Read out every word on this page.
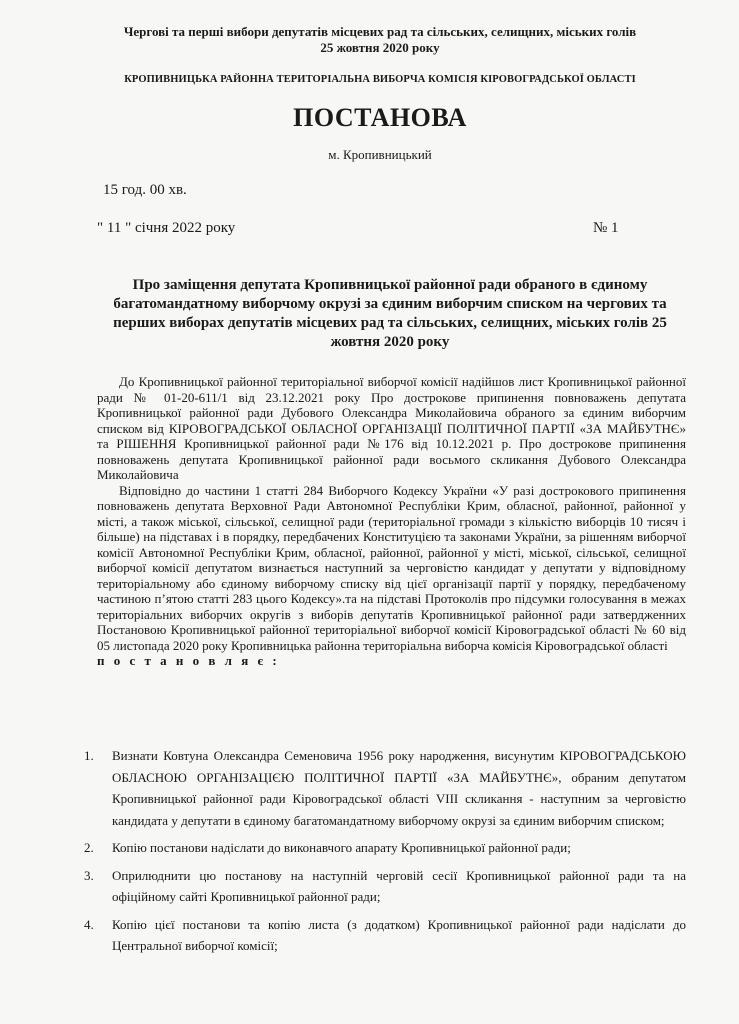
Чергові та перші вибори депутатів місцевих рад та сільських, селищних, міських голів
25 жовтня 2020 року
КРОПИВНИЦЬКА РАЙОННА ТЕРИТОРІАЛЬНА ВИБОРЧА КОМІСІЯ КІРОВОГРАДСЬКОЇ ОБЛАСТІ
ПОСТАНОВА
м. Кропивницький
15 год. 00 хв.
" 11 " січня 2022 року	№ 1
Про заміщення депутата Кропивницької районної ради обраного в єдиному багатомандатному виборчому окрузі за єдиним виборчим списком на чергових та перших виборах депутатів місцевих рад та сільських, селищних, міських голів 25 жовтня 2020 року

До Кропивницької районної територіальної виборчої комісії надійшов лист Кропивницької районної ради № 01-20-611/1 від 23.12.2021 року Про дострокове припинення повноважень депутата Кропивницької районної ради Дубового Олександра Миколайовича обраного за єдиним виборчим списком від КІРОВОГРАДСЬКОЇ ОБЛАСНОЇ ОРГАНІЗАЦІЇ ПОЛІТИЧНОЇ ПАРТІЇ «ЗА МАЙБУТНЄ» та РІШЕННЯ Кропивницької районної ради №176 від 10.12.2021 р. Про дострокове припинення повноважень депутата Кропивницької районної ради восьмого скликання Дубового Олександра Миколайовича

Відповідно до частини 1 статті 284 Виборчого Кодексу України «У разі дострокового припинення повноважень депутата Верховної Ради Автономної Республіки Крим, обласної, районної, районної у місті, а також міської, сільської, селищної ради (територіальної громади з кількістю виборців 10 тисяч і більше) на підставах і в порядку, передбачених Конституцією та законами України, за рішенням виборчої комісії Автономної Республіки Крим, обласної, районної, районної у місті, міської, сільської, селищної виборчої комісії депутатом визнається наступний за черговістю кандидат у депутати у відповідному територіальному або єдиному виборчому списку від цієї організації партії у порядку, передбаченому частиною п’ятою статті 283 цього Кодексу».та на підставі Протоколів про підсумки голосування в межах територіальних виборчих округів з виборів депутатів Кропивницької районної ради затвердженних Постановою Кропивницької районної територіальної виборчої комісії Кіровоградської області № 60 від 05 листопада 2020 року Кропивницька районна територіальна виборча комісія Кіровоградської області

п о с т а н о в л я є :
1. Визнати Ковтуна Олександра Семеновича 1956 року народження, висунутим КІРОВОГРАДСЬКОЮ ОБЛАСНОЮ ОРГАНІЗАЦІЄЮ ПОЛІТИЧНОЇ ПАРТІЇ «ЗА МАЙБУТНЄ», обраним депутатом Кропивницької районної ради Кіровоградської області VIII скликання - наступним за черговістю кандидата у депутати в єдиному багатомандатному виборчому окрузі за єдиним виборчим списком;
2. Копію постанови надіслати до виконавчого апарату Кропивницької районної ради;
3. Оприлюднити цю постанову на наступній черговій сесії Кропивницької районної ради та на офіційному сайті Кропивницької районної ради;
4. Копію цієї постанови та копію листа (з додатком) Кропивницької районної ради надіслати до Центральної виборчої комісії;
